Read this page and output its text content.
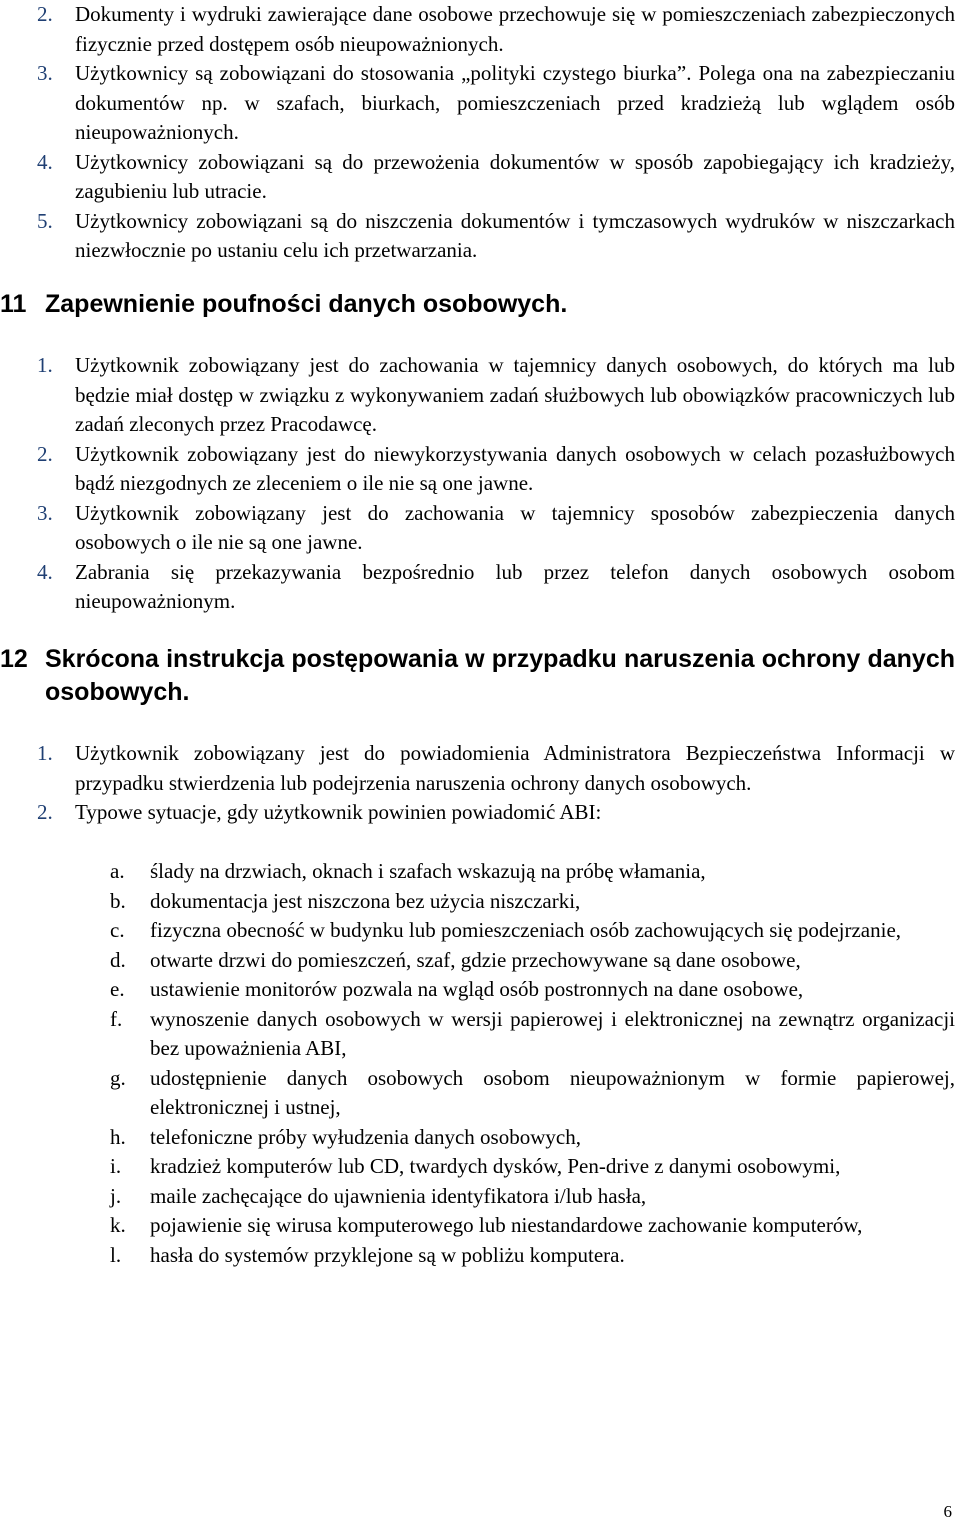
2. Dokumenty i wydruki zawierające dane osobowe przechowuje się w pomieszczeniach zabezpieczonych fizycznie przed dostępem osób nieupoważnionych.
3. Użytkownicy są zobowiązani do stosowania „polityki czystego biurka”. Polega ona na zabezpieczaniu dokumentów np. w szafach, biurkach, pomieszczeniach przed kradzieżą lub wglądem osób nieupoważnionych.
4. Użytkownicy zobowiązani są do przewożenia dokumentów w sposób zapobiegający ich kradzieży, zagubieniu lub utracie.
5. Użytkownicy zobowiązani są do niszczenia dokumentów i tymczasowych wydruków w niszczarkach niezwłocznie po ustaniu celu ich przetwarzania.
11 Zapewnienie poufności danych osobowych.
1. Użytkownik zobowiązany jest do zachowania w tajemnicy danych osobowych, do których ma lub będzie miał dostęp w związku z wykonywaniem zadań służbowych lub obowiązków pracowniczych lub zadań zleconych przez Pracodawcę.
2. Użytkownik zobowiązany jest do niewykorzystywania danych osobowych w celach pozasłużbowych bądź niezgodnych ze zleceniem o ile nie są one jawne.
3. Użytkownik zobowiązany jest do zachowania w tajemnicy sposobów zabezpieczenia danych osobowych o ile nie są one jawne.
4. Zabrania się przekazywania bezpośrednio lub przez telefon danych osobowych osobom nieupoważnionym.
12 Skrócona instrukcja postępowania w przypadku naruszenia ochrony danych osobowych.
1. Użytkownik zobowiązany jest do powiadomienia Administratora Bezpieczeństwa Informacji w przypadku stwierdzenia lub podejrzenia naruszenia ochrony danych osobowych.
2. Typowe sytuacje, gdy użytkownik powinien powiadomić ABI:
a. ślady na drzwiach, oknach i szafach wskazują na próbę włamania,
b. dokumentacja jest niszczona bez użycia niszczarki,
c. fizyczna obecność w budynku lub pomieszczeniach osób zachowujących się podejrzanie,
d. otwarte drzwi do pomieszczeń, szaf, gdzie przechowywane są dane osobowe,
e. ustawienie monitorów pozwala na wgląd osób postronnych na dane osobowe,
f. wynoszenie danych osobowych w wersji papierowej i elektronicznej na zewnątrz organizacji bez upoważnienia ABI,
g. udostępnienie danych osobowych osobom nieupoważnionym w formie papierowej, elektronicznej i ustnej,
h. telefoniczne próby wyłudzenia danych osobowych,
i. kradzież komputerów lub CD, twardych dysków, Pen-drive z danymi osobowymi,
j. maile zachęcające do ujawnienia identyfikatora i/lub hasła,
k. pojawienie się wirusa komputerowego lub niestandardowe zachowanie komputerów,
l. hasła do systemów przyklejone są w pobliżu komputera.
6
